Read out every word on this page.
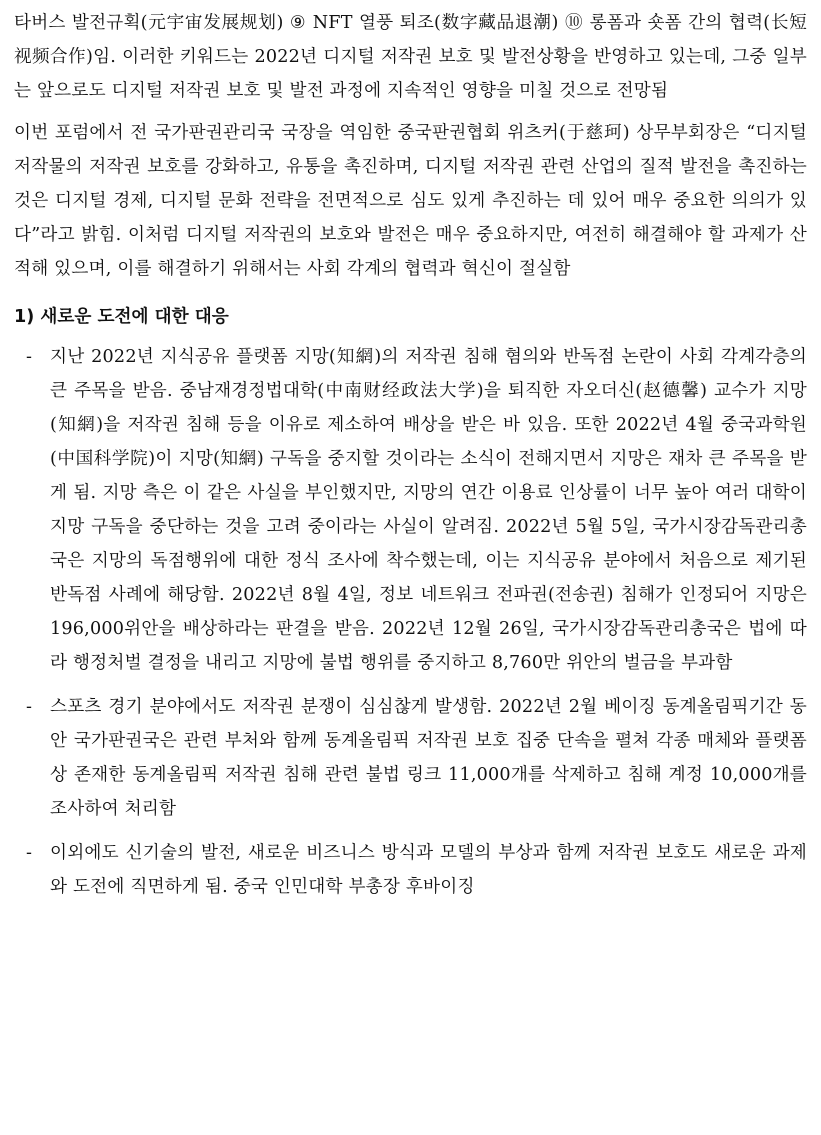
타버스 발전규획(元宇宙发展规划) ⑨ NFT 열풍 퇴조(数字藏品退潮) ⑩ 롱폼과 숏폼 간의 협력(长短视频合作)임. 이러한 키워드는 2022년 디지털 저작권 보호 및 발전상황을 반영하고 있는데, 그중 일부는 앞으로도 디지털 저작권 보호 및 발전 과정에 지속적인 영향을 미칠 것으로 전망됨

이번 포럼에서 전 국가판권관리국 국장을 역임한 중국판권협회 위츠커(于慈珂) 상무부회장은 “디지털 저작물의 저작권 보호를 강화하고, 유통을 촉진하며, 디지털 저작권 관련 산업의 질적 발전을 촉진하는 것은 디지털 경제, 디지털 문화 전략을 전면적으로 심도 있게 추진하는 데 있어 매우 중요한 의의가 있다”라고 밝힘. 이처럼 디지털 저작권의 보호와 발전은 매우 중요하지만, 여전히 해결해야 할 과제가 산적해 있으며, 이를 해결하기 위해서는 사회 각계의 협력과 혁신이 절실함

1) 새로운 도전에 대한 대응
- 지난 2022년 지식공유 플랫폼 지망(知網)의 저작권 침해 혐의와 반독점 논란이 사회 각계각층의 큰 주목을 받음. 중남재경정법대학(中南财经政法大学)을 퇴직한 자오더신(赵德馨) 교수가 지망(知網)을 저작권 침해 등을 이유로 제소하여 배상을 받은 바 있음. 또한 2022년 4월 중국과학원(中国科学院)이 지망(知網) 구독을 중지할 것이라는 소식이 전해지면서 지망은 재차 큰 주목을 받게 됨. 지망 측은 이 같은 사실을 부인했지만, 지망의 연간 이용료 인상률이 너무 높아 여러 대학이 지망 구독을 중단하는 것을 고려 중이라는 사실이 알려짐. 2022년 5월 5일, 국가시장감독관리총국은 지망의 독점행위에 대한 정식 조사에 착수했는데, 이는 지식공유 분야에서 처음으로 제기된 반독점 사례에 해당함. 2022년 8월 4일, 정보 네트워크 전파권(전송권) 침해가 인정되어 지망은 196,000위안을 배상하라는 판결을 받음. 2022년 12월 26일, 국가시장감독관리총국은 법에 따라 행정처벌 결정을 내리고 지망에 불법 행위를 중지하고 8,760만 위안의 벌금을 부과함
- 스포츠 경기 분야에서도 저작권 분쟁이 심심찮게 발생함. 2022년 2월 베이징 동계올림픽기간 동안 국가판권국은 관련 부처와 함께 동계올림픽 저작권 보호 집중 단속을 펼쳐 각종 매체와 플랫폼상 존재한 동계올림픽 저작권 침해 관련 불법 링크 11,000개를 삭제하고 침해 계정 10,000개를 조사하여 처리함
- 이외에도 신기술의 발전, 새로운 비즈니스 방식과 모델의 부상과 함께 저작권 보호도 새로운 과제와 도전에 직면하게 됨. 중국 인민대학 부총장 후바이징
